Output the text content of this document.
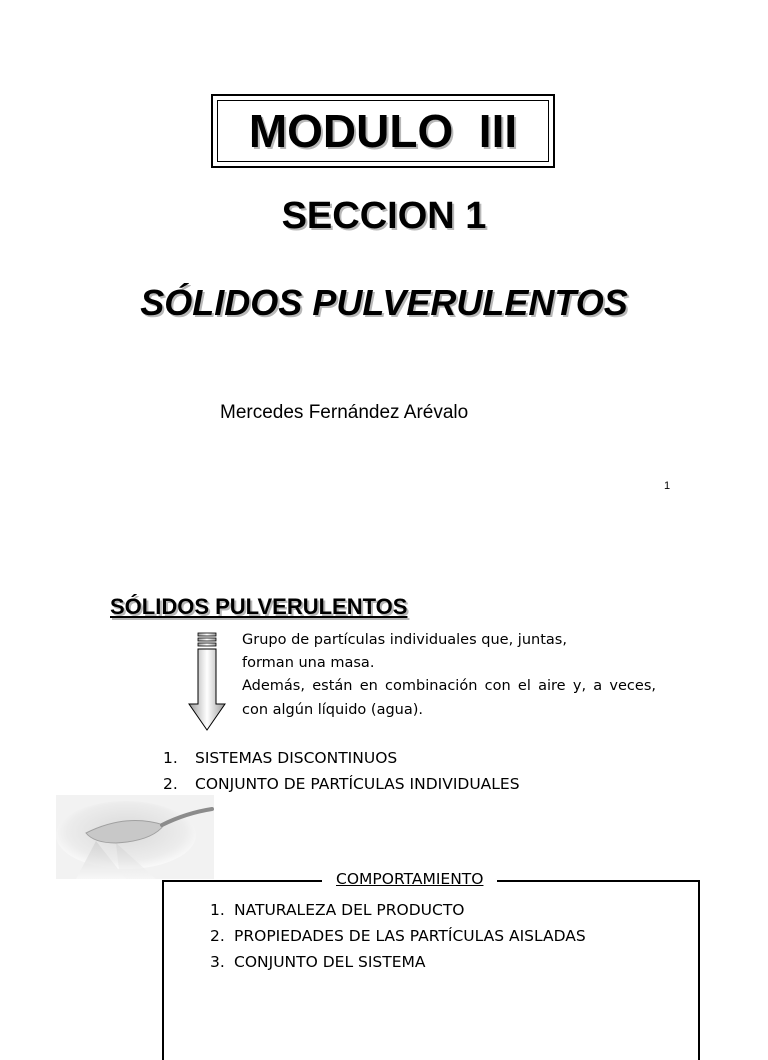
MODULO  III
SECCION 1
SÓLIDOS PULVERULENTOS
Mercedes Fernández Arévalo
1
SÓLIDOS PULVERULENTOS

Grupo de partículas individuales que, juntas,

forman una masa.

Además, están en combinación con el aire y, a veces, con algún líquido (agua).

1. SISTEMAS DISCONTINUOS
2. CONJUNTO DE PARTÍCULAS INDIVIDUALES
COMPORTAMIENTO
1. NATURALEZA DEL PRODUCTO
2. PROPIEDADES DE LAS PARTÍCULAS AISLADAS
3. CONJUNTO DEL SISTEMA
